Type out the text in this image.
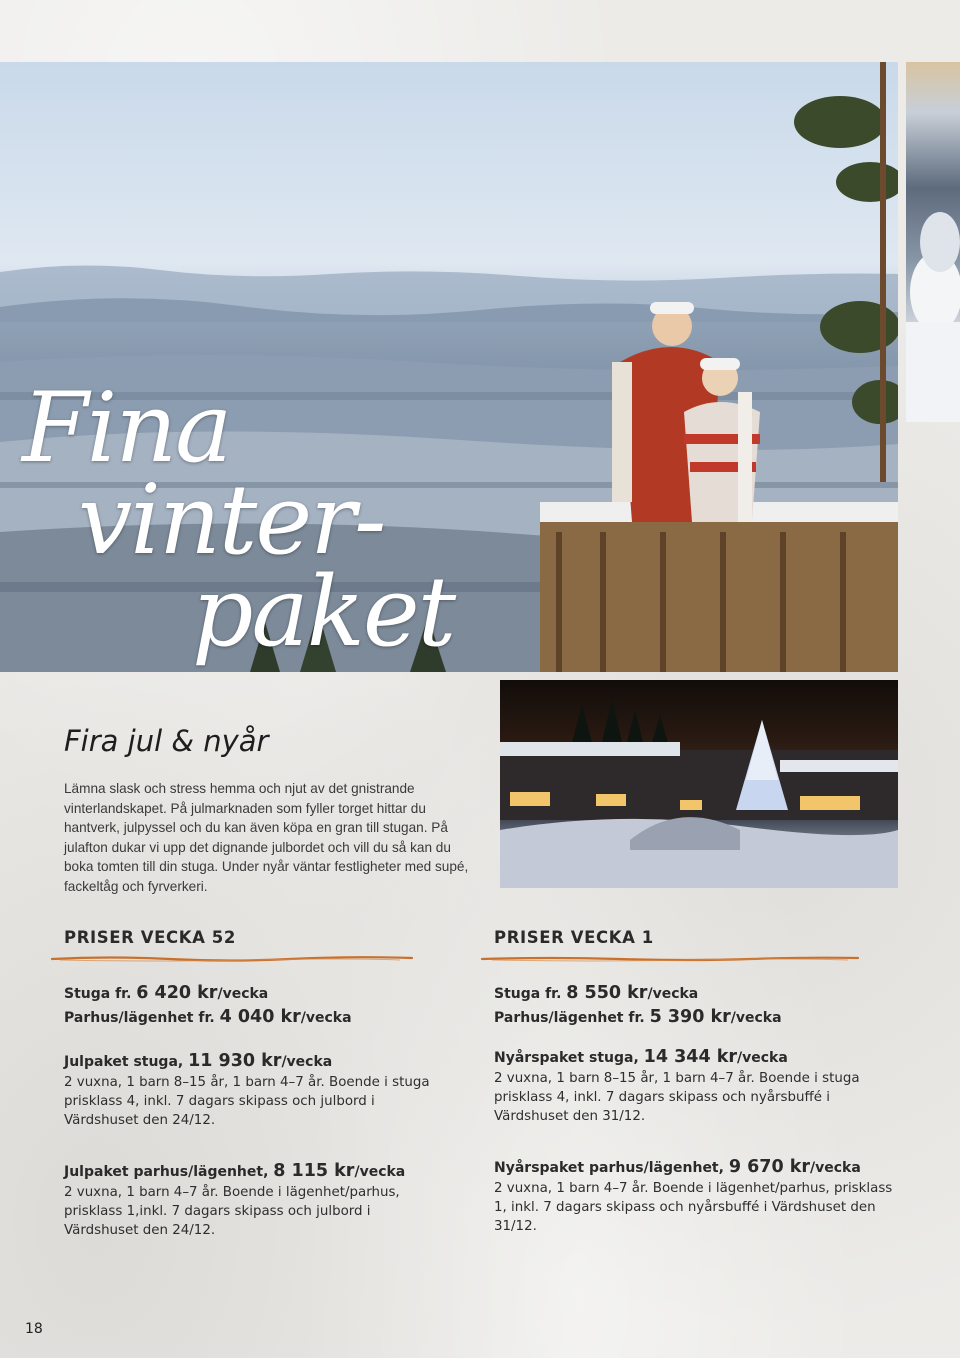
Fina
vinter-
paket
Fira jul & nyår

Lämna slask och stress hemma och njut av det gnistrande vinterlandskapet. På julmarknaden som fyller torget hittar du hantverk, julpyssel och du kan även köpa en gran till stugan. På julafton dukar vi upp det dignande julbordet och vill du så kan du boka tomten till din stuga. Under nyår väntar festligheter med supé, fackeltåg och fyrverkeri.

PRISER VECKA 52
Stuga fr. 6 420 kr/vecka
Parhus/lägenhet fr. 4 040 kr/vecka
Julpaket stuga, 11 930 kr/vecka
2 vuxna, 1 barn 8–15 år, 1 barn 4–7 år. Boende i stuga prisklass 4, inkl. 7 dagars skipass och julbord i Värdshuset den 24/12.
Julpaket parhus/lägenhet, 8 115 kr/vecka
2 vuxna, 1 barn 4–7 år. Boende i lägenhet/parhus, prisklass 1,inkl. 7 dagars skipass och julbord i Värdshuset den 24/12.
PRISER VECKA 1
Stuga fr. 8 550 kr/vecka
Parhus/lägenhet fr. 5 390 kr/vecka
Nyårspaket stuga, 14 344 kr/vecka
2 vuxna, 1 barn 8–15 år, 1 barn 4–7 år. Boende i stuga prisklass 4, inkl. 7 dagars skipass och nyårsbuffé i Värdshuset den 31/12.
Nyårspaket parhus/lägenhet, 9 670 kr/vecka
2 vuxna, 1 barn 4–7 år. Boende i lägenhet/parhus, prisklass 1, inkl. 7 dagars skipass och nyårsbuffé i Värdshuset den 31/12.
18
